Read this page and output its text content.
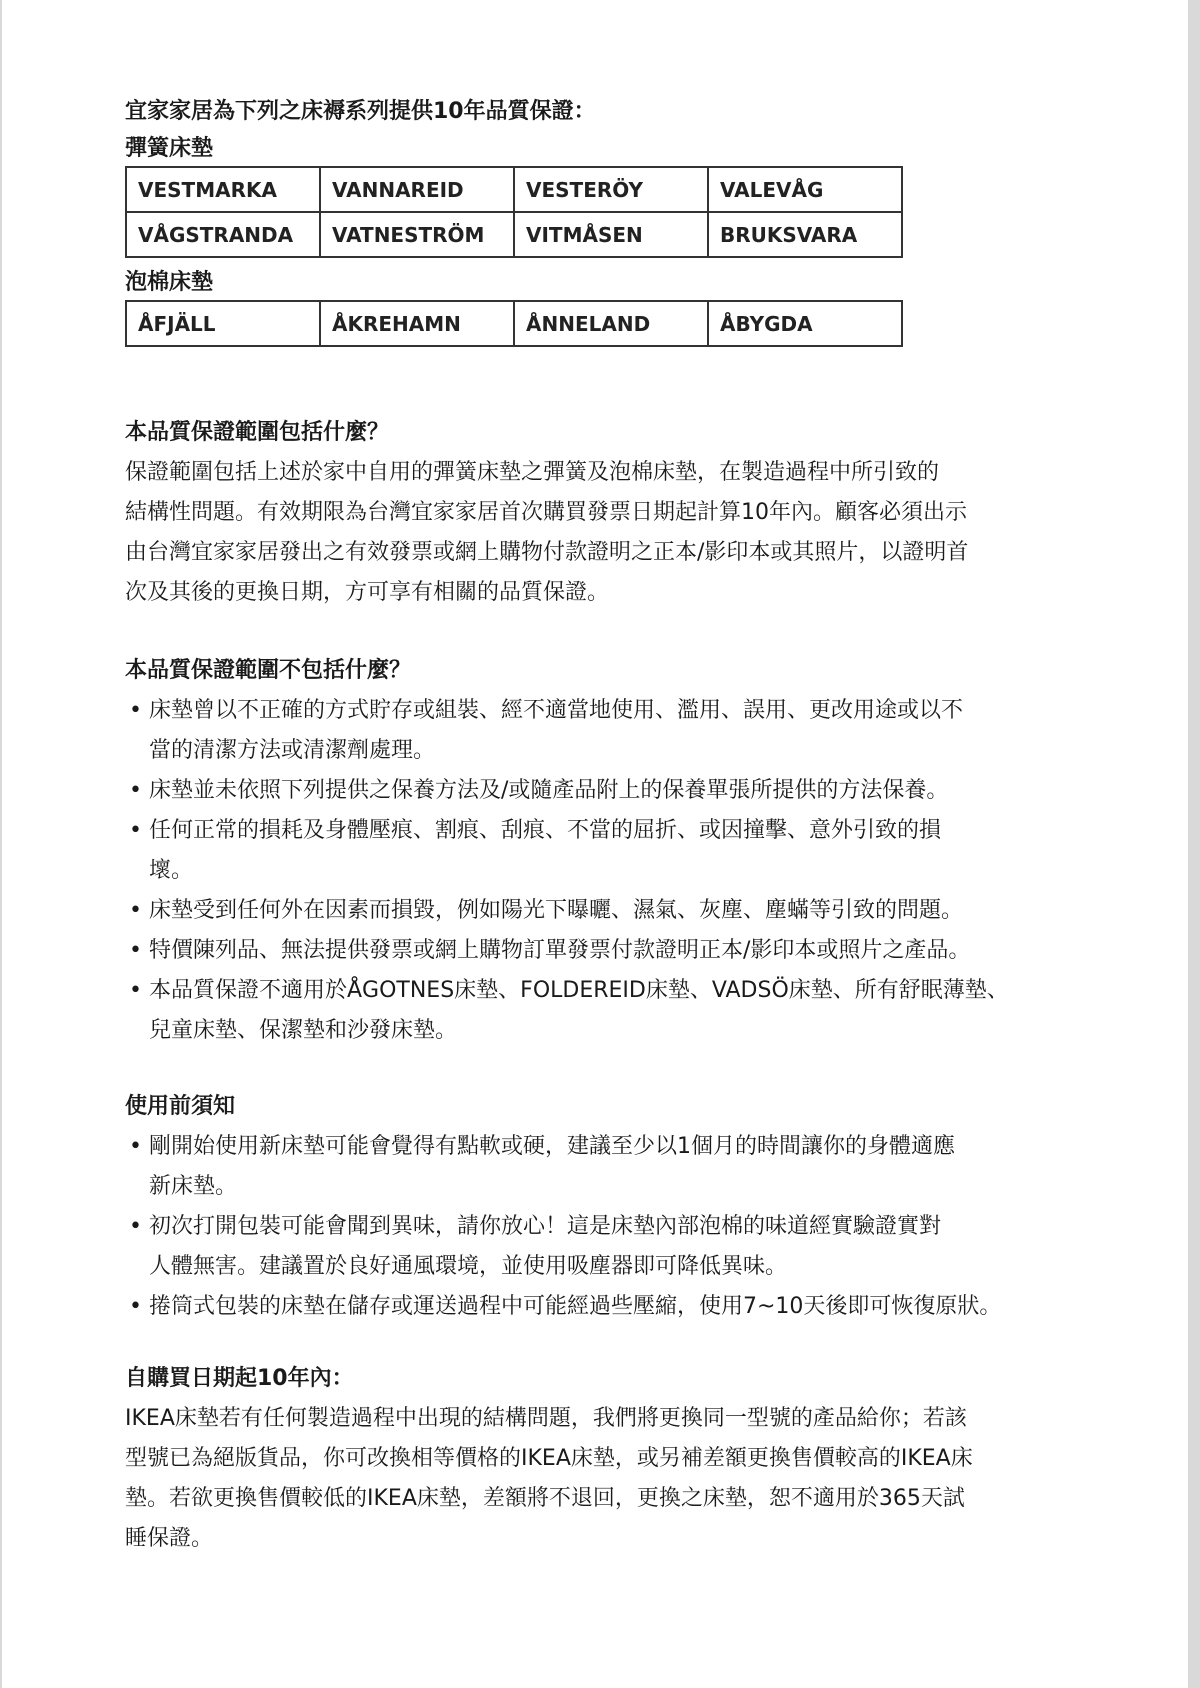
宜家家居為下列之床褥系列提供10年品質保證：

彈簧床墊

VESTMARKA	VANNAREID	VESTERÖY	VALEVÅG
VÅGSTRANDA	VATNESTRÖM	VITMÅSEN	BRUKSVARA

泡棉床墊

ÅFJÄLL	ÅKREHAMN	ÅNNELAND	ÅBYGDA

本品質保證範圍包括什麼？

保證範圍包括上述於家中自用的彈簧床墊之彈簧及泡棉床墊，在製造過程中所引致的

結構性問題。有效期限為台灣宜家家居首次購買發票日期起計算10年內。顧客必須出示

由台灣宜家家居發出之有效發票或網上購物付款證明之正本/影印本或其照片，以證明首

次及其後的更換日期，方可享有相關的品質保證。

本品質保證範圍不包括什麼？

• 床墊曾以不正確的方式貯存或組裝、經不適當地使用、濫用、誤用、更改用途或以不
當的清潔方法或清潔劑處理。
• 床墊並未依照下列提供之保養方法及/或隨產品附上的保養單張所提供的方法保養。
• 任何正常的損耗及身體壓痕、割痕、刮痕、不當的屈折、或因撞擊、意外引致的損
壞。
• 床墊受到任何外在因素而損毀，例如陽光下曝曬、濕氣、灰塵、塵蟎等引致的問題。
• 特價陳列品、無法提供發票或網上購物訂單發票付款證明正本/影印本或照片之產品。
• 本品質保證不適用於ÅGOTNES床墊、FOLDEREID床墊、VADSÖ床墊、所有舒眠薄墊、
兒童床墊、保潔墊和沙發床墊。

使用前須知

• 剛開始使用新床墊可能會覺得有點軟或硬，建議至少以1個月的時間讓你的身體適應
新床墊。
• 初次打開包裝可能會聞到異味，請你放心！這是床墊內部泡棉的味道經實驗證實對
人體無害。建議置於良好通風環境，並使用吸塵器即可降低異味。
• 捲筒式包裝的床墊在儲存或運送過程中可能經過些壓縮，使用7~10天後即可恢復原狀。

自購買日期起10年內：

IKEA床墊若有任何製造過程中出現的結構問題，我們將更換同一型號的產品給你；若該

型號已為絕版貨品，你可改換相等價格的IKEA床墊，或另補差額更換售價較高的IKEA床

墊。若欲更換售價較低的IKEA床墊，差額將不退回，更換之床墊，恕不適用於365天試

睡保證。
